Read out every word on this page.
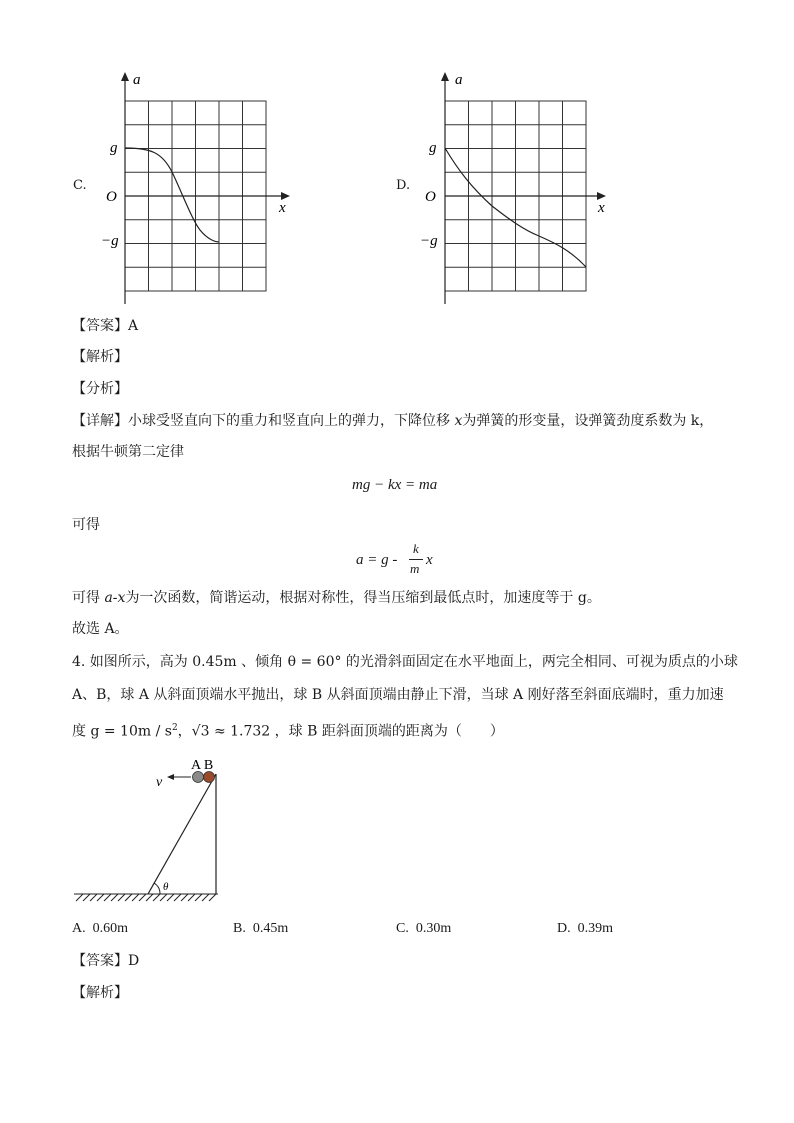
C.
a
x
g
O
−g
D.
a
x
g
O
−g
【答案】A
【解析】
【分析】
【详解】小球受竖直向下的重力和竖直向上的弹力，下降位移 x为弹簧的形变量，设弹簧劲度系数为 k，
根据牛顿第二定律
mg − kx = ma
可得
a = g -
k
m
x
可得 a-x为一次函数，简谐运动，根据对称性，得当压缩到最低点时，加速度等于 g。
故选 A。
4. 如图所示，高为 0.45m 、倾角 θ = 60° 的光滑斜面固定在水平地面上，两完全相同、可视为质点的小球
A、B，球 A 从斜面顶端水平抛出，球 B 从斜面顶端由静止下滑，当球 A 刚好落至斜面底端时，重力加速
度 $g = 10m / s^2$，√3 ≈ 1.732 ，球 B 距斜面顶端的距离为（　　）
A B
v
θ
A. 0.60m	B. 0.45m	C. 0.30m	D. 0.39m
【答案】D
【解析】
